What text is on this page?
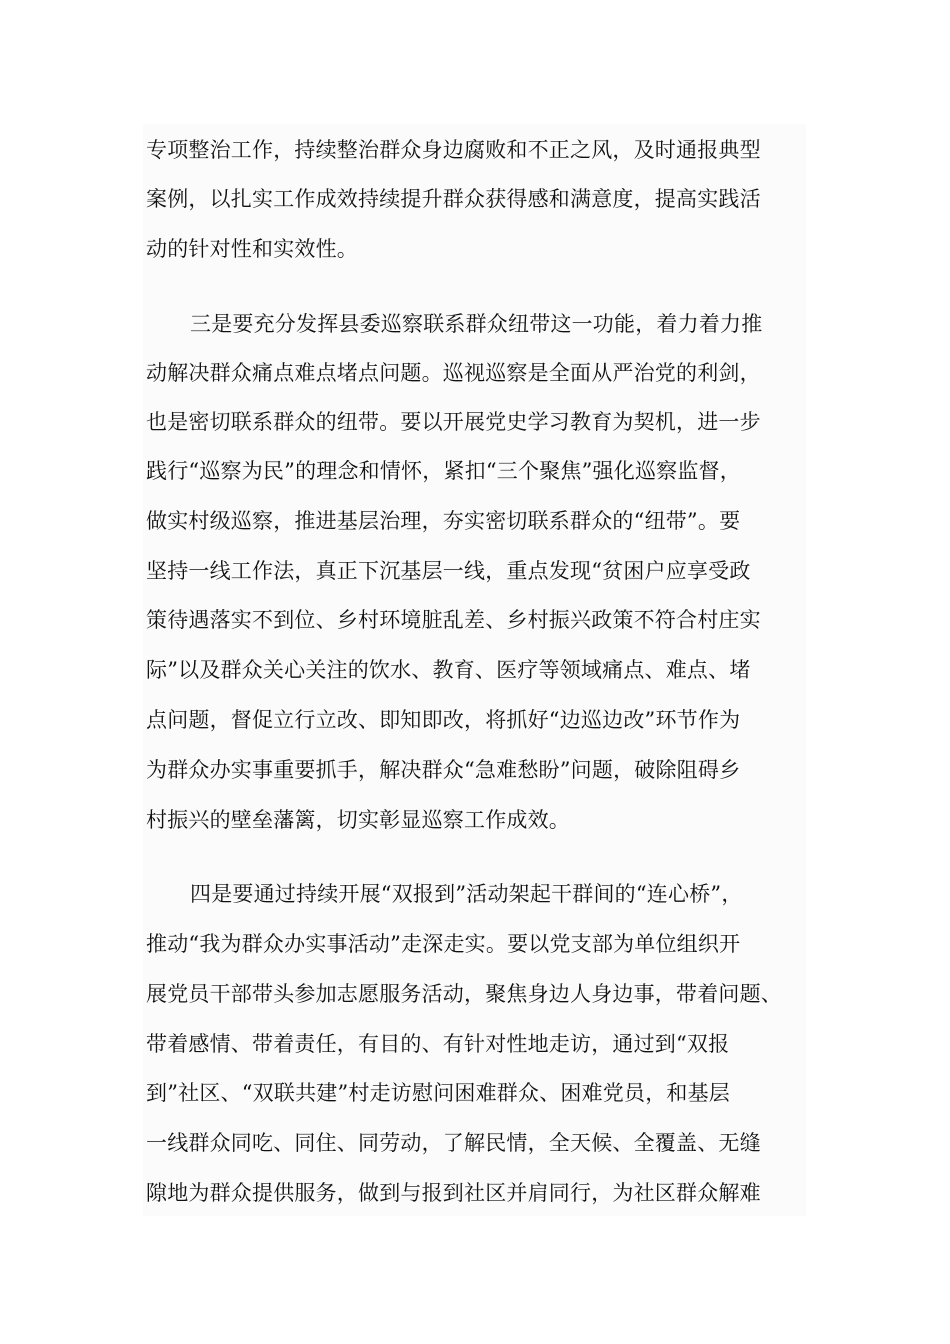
专项整治工作，持续整治群众身边腐败和不正之风，及时通报典型
案例，以扎实工作成效持续提升群众获得感和满意度，提高实践活
动的针对性和实效性。
三是要充分发挥县委巡察联系群众纽带这一功能，着力着力推
动解决群众痛点难点堵点问题。巡视巡察是全面从严治党的利剑，
也是密切联系群众的纽带。要以开展党史学习教育为契机，进一步
践行“巡察为民”的理念和情怀，紧扣“三个聚焦”强化巡察监督，
做实村级巡察，推进基层治理，夯实密切联系群众的“纽带”。要
坚持一线工作法，真正下沉基层一线，重点发现“贫困户应享受政
策待遇落实不到位、乡村环境脏乱差、乡村振兴政策不符合村庄实
际”以及群众关心关注的饮水、教育、医疗等领域痛点、难点、堵
点问题，督促立行立改、即知即改，将抓好“边巡边改”环节作为
为群众办实事重要抓手，解决群众“急难愁盼”问题，破除阻碍乡
村振兴的壁垒藩篱，切实彰显巡察工作成效。
四是要通过持续开展“双报到”活动架起干群间的“连心桥”，
推动“我为群众办实事活动”走深走实。要以党支部为单位组织开
展党员干部带头参加志愿服务活动，聚焦身边人身边事，带着问题、
带着感情、带着责任，有目的、有针对性地走访，通过到“双报
到”社区、“双联共建”村走访慰问困难群众、困难党员，和基层
一线群众同吃、同住、同劳动，了解民情，全天候、全覆盖、无缝
隙地为群众提供服务，做到与报到社区并肩同行，为社区群众解难
